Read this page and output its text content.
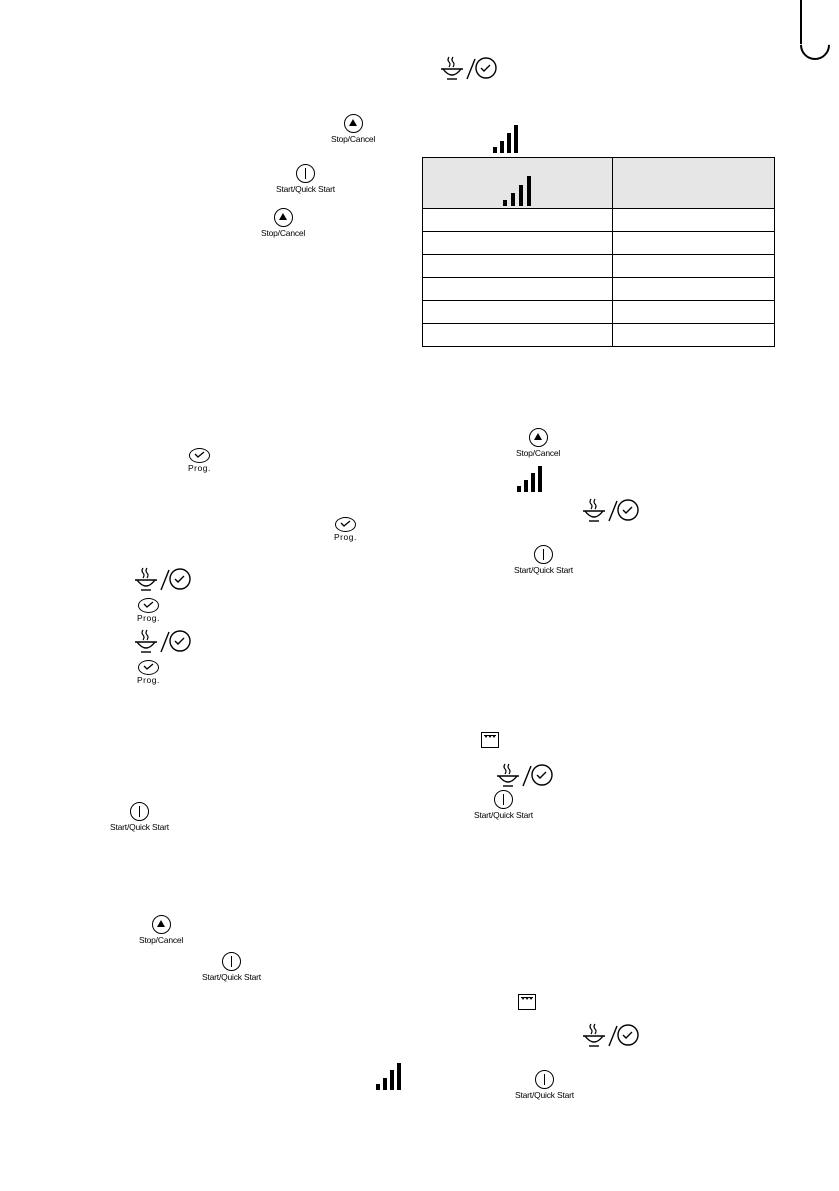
Stop/Cancel
Start/Quick Start
Stop/Cancel

Prog.
Prog.
Prog.
Prog.
Stop/Cancel
Start/Quick Start
Start/Quick Start
Start/Quick Start
Stop/Cancel
Start/Quick Start
Start/Quick Start
